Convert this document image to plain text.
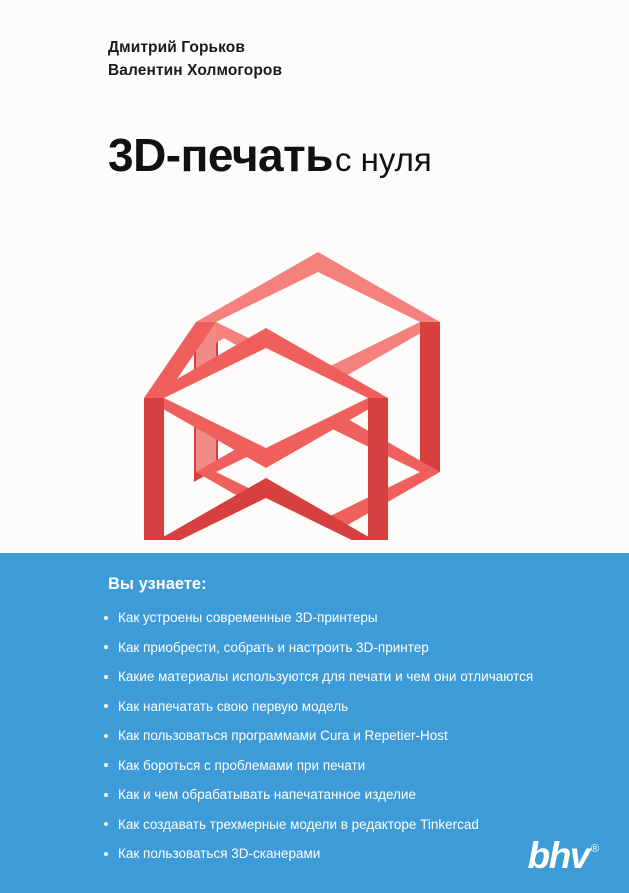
Дмитрий Горьков
Валентин Холмогоров
3D-печатьс нуля
Вы узнаете:
Как устроены современные 3D-принтеры
Как приобрести, собрать и настроить 3D-принтер
Какие материалы используются для печати и чем они отличаются
Как напечатать свою первую модель
Как пользоваться программами Cura и Repetier-Host
Как бороться с проблемами при печати
Как и чем обрабатывать напечатанное изделие
Как создавать трехмерные модели в редакторе Tinkercad
Как пользоваться 3D-сканерами	bhv ®
